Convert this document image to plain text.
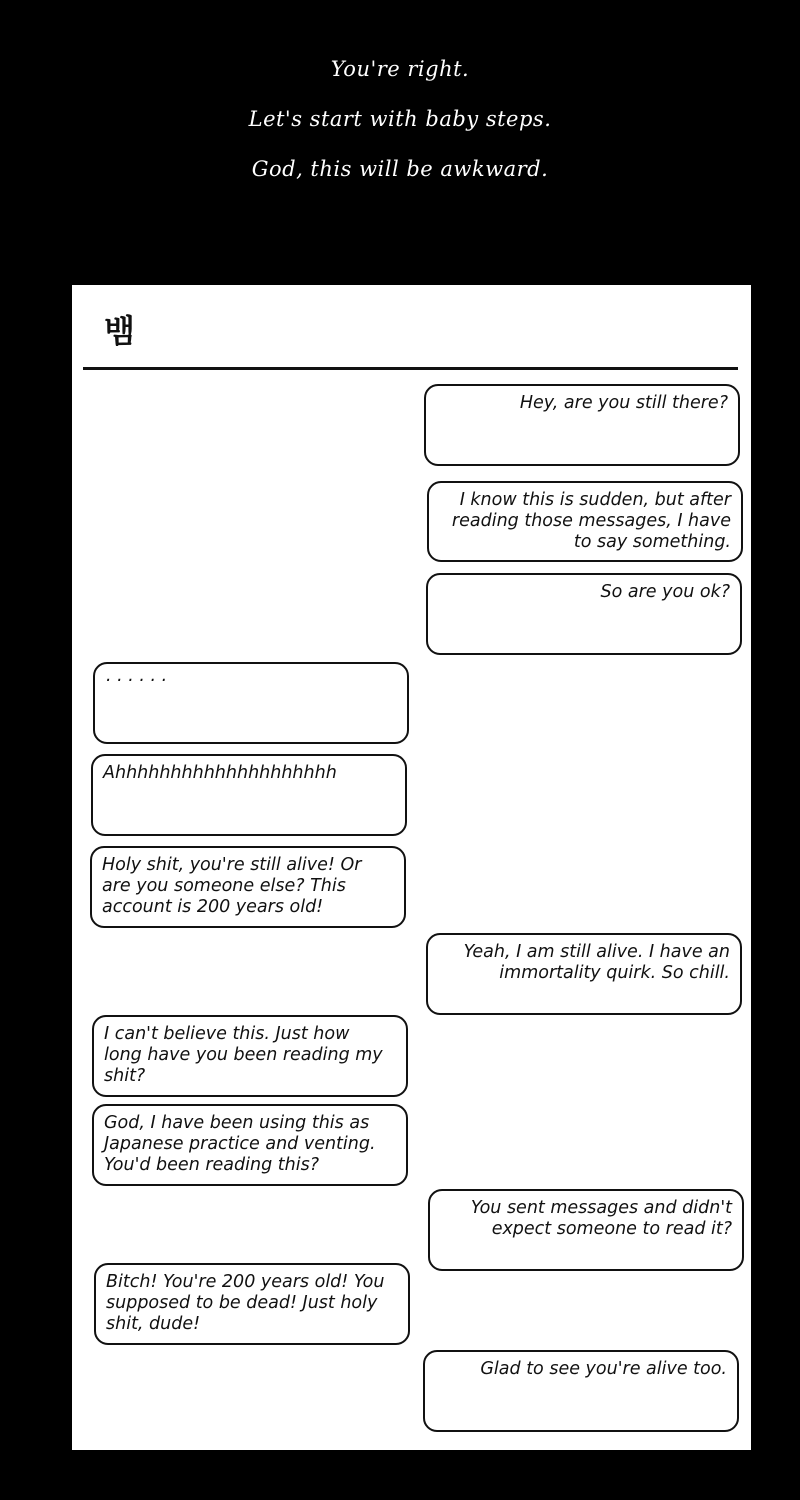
You're right.
Let's start with baby steps.
God, this will be awkward.
뱀
Hey, are you still there?
I know this is sudden, but after
reading those messages, I have
to say something.
So are you ok?
· · · · · ·
Ahhhhhhhhhhhhhhhhhhhh
Holy shit, you're still alive! Or
are you someone else? This
account is 200 years old!
Yeah, I am still alive. I have an
immortality quirk. So chill.
I can't believe this. Just how
long have you been reading my
shit?
God, I have been using this as
Japanese practice and venting.
You'd been reading this?
You sent messages and didn't
expect someone to read it?
Bitch! You're 200 years old! You
supposed to be dead! Just holy
shit, dude!
Glad to see you're alive too.
